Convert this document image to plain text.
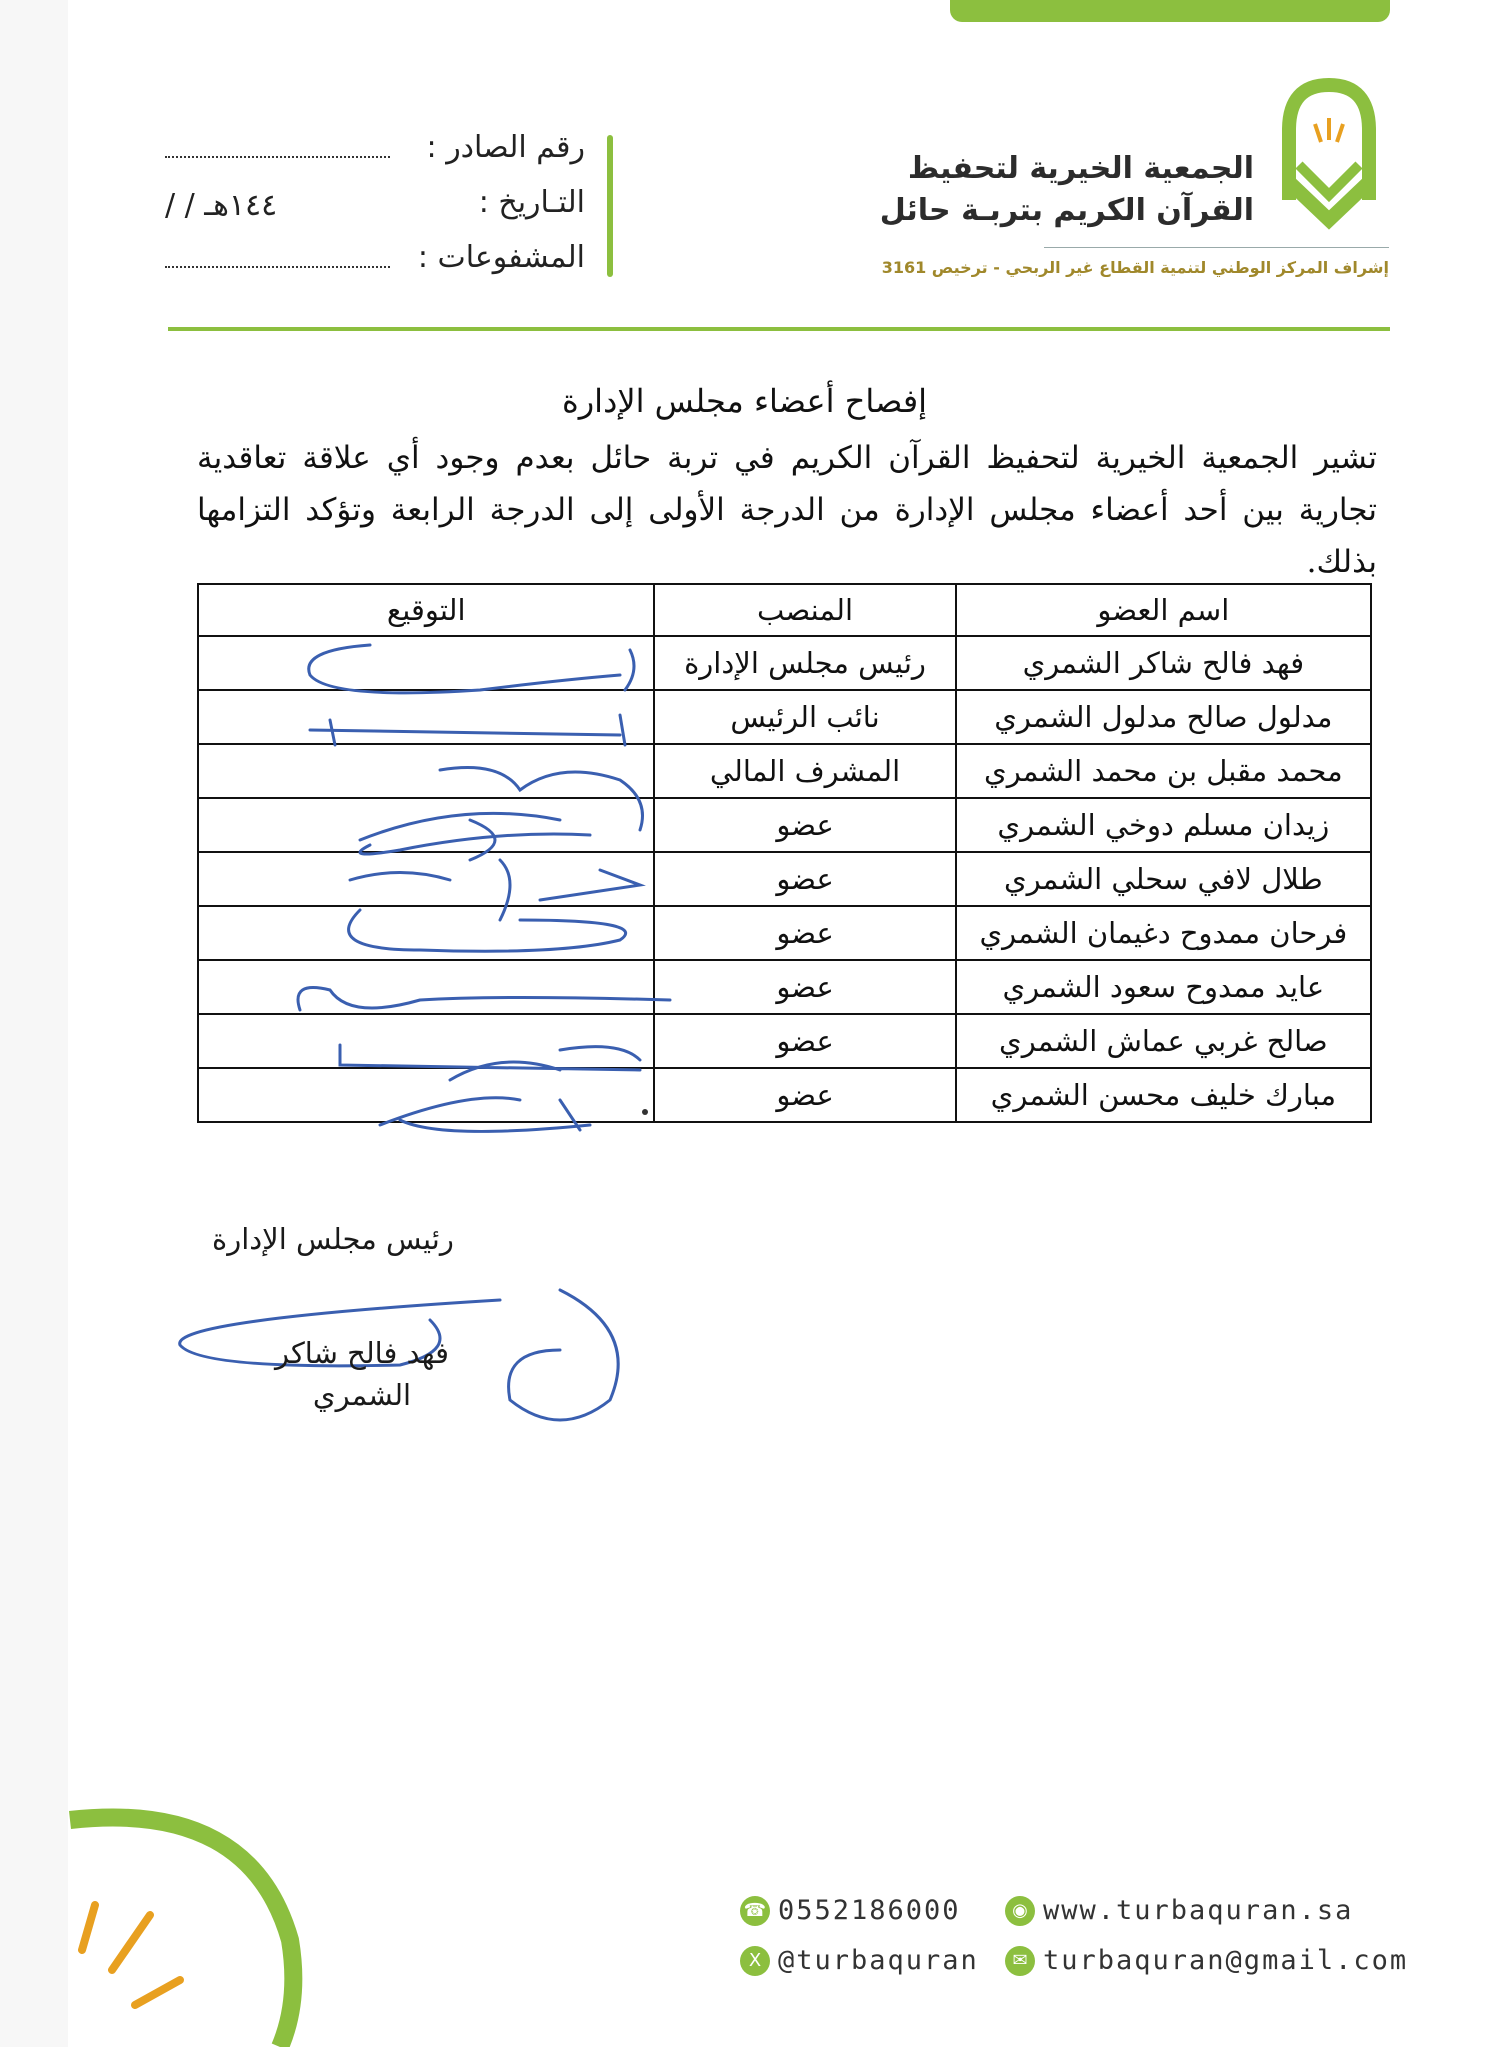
الجمعية الخيرية لتحفيظ
القرآن الكريم بتربـة حائل
إشراف المركز الوطني لتنمية القطاع غير الربحي - ترخيص 3161
رقم الصادر :
التـاريخ :
١٤٤هـ / /
المشفوعات :
إفصاح أعضاء مجلس الإدارة
تشير الجمعية الخيرية لتحفيظ القرآن الكريم في تربة حائل بعدم وجود أي علاقة تعاقدية تجارية بين أحد أعضاء مجلس الإدارة من الدرجة الأولى إلى الدرجة الرابعة وتؤكد التزامها بذلك.
اسم العضو	المنصب	التوقيع
فهد فالح شاكر الشمري	رئيس مجلس الإدارة	
مدلول صالح مدلول الشمري	نائب الرئيس	
محمد مقبل بن محمد الشمري	المشرف المالي	
زيدان مسلم دوخي الشمري	عضو	
طلال لافي سحلي الشمري	عضو	
فرحان ممدوح دغيمان الشمري	عضو	
عايد ممدوح سعود الشمري	عضو	
صالح غربي عماش الشمري	عضو	
مبارك خليف محسن الشمري	عضو	
رئيس مجلس الإدارة
فهد فالح شاكر الشمري
☎ 0552186000	◉ www.turbaquran.sa
X @turbaquran	✉ turbaquran@gmail.com
